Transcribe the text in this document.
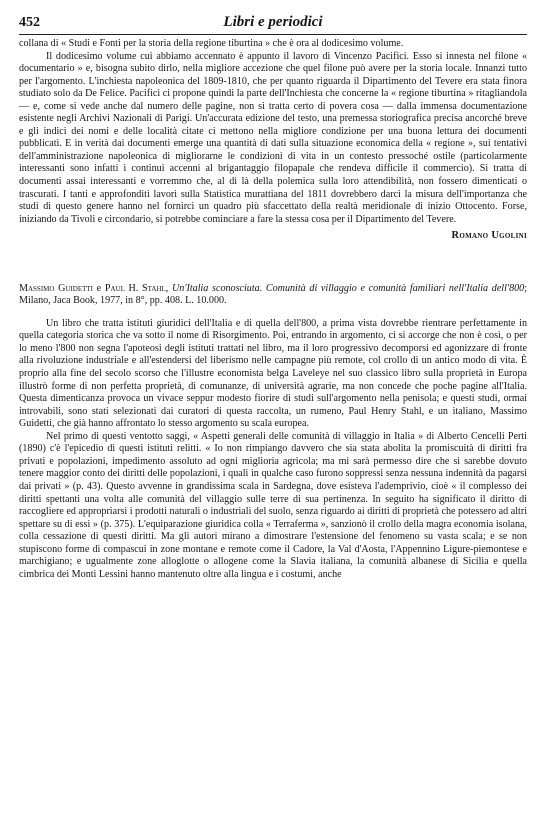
452	Libri e periodici

collana di « Studi e Fonti per la storia della regione tiburtina » che è ora al dodicesimo volume.

Il dodicesimo volume cui abbiamo accennato è appunto il lavoro di Vincenzo Pacifici. Esso si innesta nel filone « documentario » e, bisogna subito dirlo, nella migliore accezione che quel filone può avere per la storia locale. Innanzi tutto per l'argomento. L'inchiesta napoleonica del 1809-1810, che per quanto riguarda il Dipartimento del Tevere era stata finora studiato solo da De Felice. Pacifici ci propone quindi la parte dell'Inchiesta che concerne la « regione tiburtina » ritagliandola — e, come si vede anche dal numero delle pagine, non si tratta certo di povera cosa — dalla immensa documentazione esistente negli Archivi Nazionali di Parigi. Un'accurata edizione del testo, una premessa storiografica precisa ancorché breve e gli indici dei nomi e delle località citate ci mettono nella migliore condizione per una buona lettura dei documenti pubblicati. E in verità dai documenti emerge una quantità di dati sulla situazione economica della « regione », sui tentativi dell'amministrazione napoleonica di migliorarne le condizioni di vita in un contesto pressoché ostile (particolarmente interessanti sono infatti i continui accenni al brigantaggio filopapale che rendeva difficile il commercio). Si tratta di documenti assai interessanti e vorremmo che, al di là della polemica sulla loro attendibilità, non fossero dimenticati o trascurati. I tanti e approfonditi lavori sulla Statistica murattiana del 1811 dovrebbero darci la misura dell'importanza che studi di questo genere hanno nel fornirci un quadro più sfaccettato della realtà meridionale di inizio Ottocento. Forse, iniziando da Tivoli e circondario, si potrebbe cominciare a fare la stessa cosa per il Dipartimento del Tevere.

Romano Ugolini

Massimo Guidetti e Paul H. Stahl, Un'Italia sconosciuta. Comunità di villaggio e comunità familiari nell'Italia dell'800; Milano, Jaca Book, 1977, in 8°, pp. 408. L. 10.000.

Un libro che tratta istituti giuridici dell'Italia e di quella dell'800, a prima vista dovrebbe rientrare perfettamente in quella categoria storica che va sotto il nome di Risorgimento. Poi, entrando in argomento, ci si accorge che non è così, o per lo meno l'800 non segna l'apoteosi degli istituti trattati nel libro, ma il loro progressivo decomporsi ed agonizzare di fronte alla rivoluzione industriale e all'estendersi del liberismo nelle campagne più remote, col crollo di un antico modo di vita. È proprio alla fine del secolo scorso che l'illustre economista belga Laveleye nel suo classico libro sulla proprietà in Europa illustrò forme di non perfetta proprietà, di comunanze, di università agrarie, ma non concede che poche pagine all'Italia. Questa dimenticanza provoca un vivace seppur modesto fiorire di studi sull'argomento nella penisola; e questi studi, ormai introvabili, sono stati selezionati dai curatori di questa raccolta, un rumeno, Paul Henry Stahl, e un italiano, Massimo Guidetti, che già hanno affrontato lo stesso argomento su scala europea.

Nel primo di questi ventotto saggi, « Aspetti generali delle comunità di villaggio in Italia » di Alberto Cencelli Perti (1890) c'è l'epicedio di questi istituti relitti. « Io non rimpiango davvero che sia stata abolita la promiscuità di diritti fra privati e popolazioni, impedimento assoluto ad ogni miglioria agricola; ma mi sarà permesso dire che si sarebbe dovuto tenere maggior conto dei diritti delle popolazioni, i quali in qualche caso furono soppressi senza nessuna indennità da pagarsi dai privati » (p. 43). Questo avvenne in grandissima scala in Sardegna, dove esisteva l'ademprivio, cioè « il complesso dei diritti spettanti una volta alle comunità del villaggio sulle terre di sua pertinenza. In seguito ha significato il diritto di raccogliere ed appropriarsi i prodotti naturali o industriali del suolo, senza riguardo ai diritti di proprietà che potessero ad altri spettare su di essi » (p. 375). L'equiparazione giuridica colla « Terraferma », sanzionò il crollo della magra economia isolana, colla cessazione di questi diritti. Ma gli autori mirano a dimostrare l'estensione del fenomeno su vasta scala; e se non stupiscono forme di compascui in zone montane e remote come il Cadore, la Val d'Aosta, l'Appennino Ligure-piemontese e marchigiano; e ugualmente zone alloglotte o allogene come la Slavia italiana, la comunità albanese di Sicilia e quella cimbrica dei Monti Lessini hanno mantenuto oltre alla lingua e i costumi, anche
